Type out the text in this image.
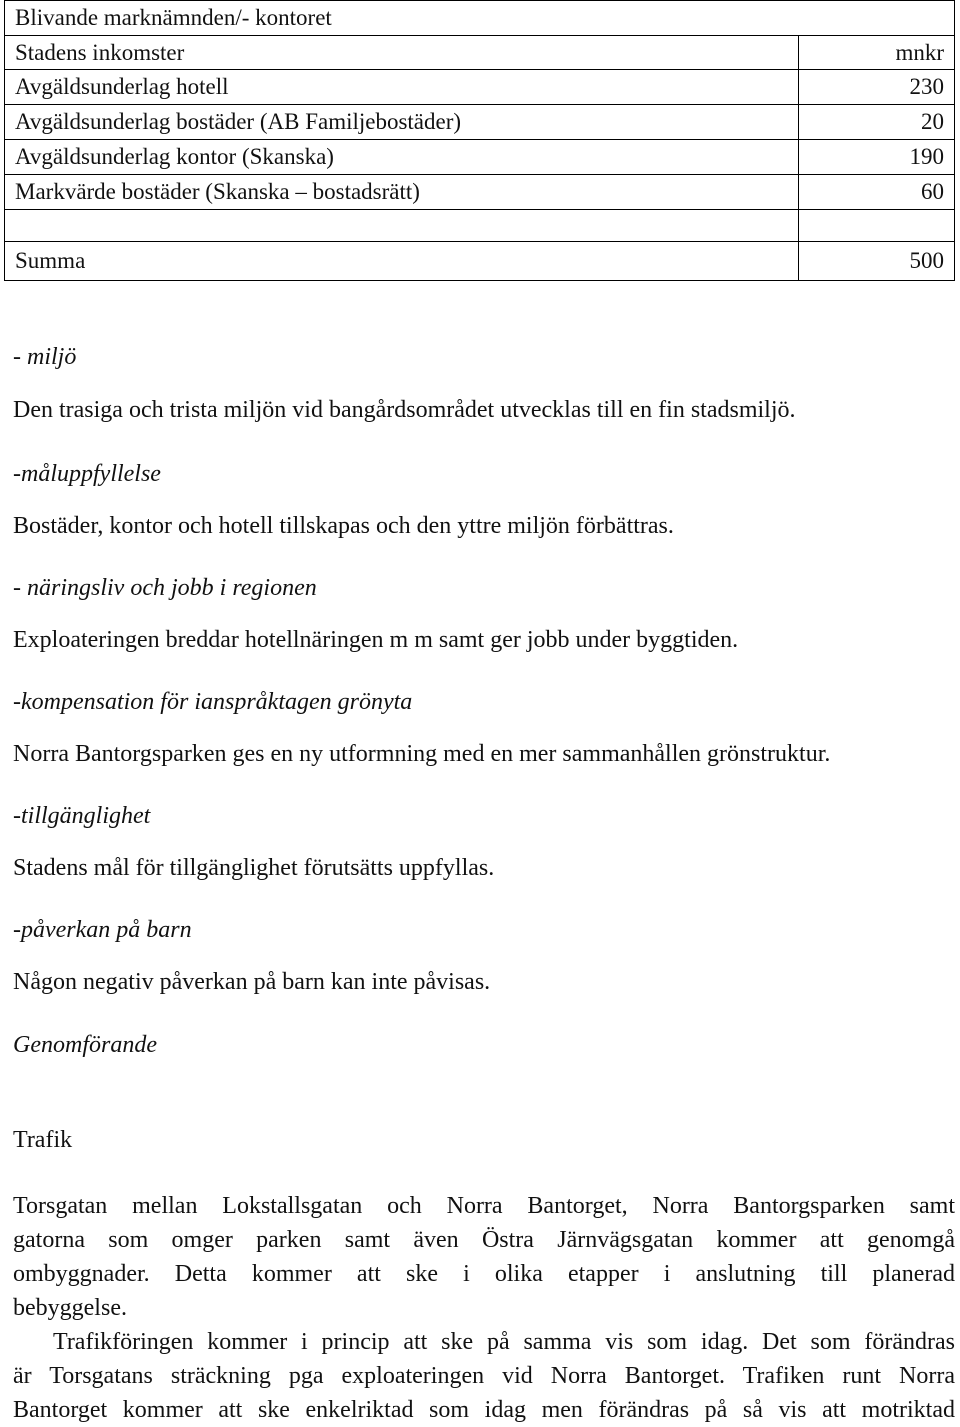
Blivande marknämnden/- kontoret	
Stadens inkomster	mnkr
Avgäldsunderlag hotell	230
Avgäldsunderlag bostäder (AB Familjebostäder)	20
Avgäldsunderlag kontor (Skanska)	190
Markvärde bostäder (Skanska – bostadsrätt)	60

Summa	500
- miljö
Den trasiga och trista miljön vid bangårdsområdet utvecklas till en fin stadsmiljö.
-måluppfyllelse
Bostäder, kontor och hotell tillskapas och den yttre miljön förbättras.
- näringsliv och jobb i regionen
Exploateringen breddar hotellnäringen m m samt ger jobb under byggtiden.
-kompensation för ianspråktagen grönyta
Norra Bantorgsparken ges en ny utformning med en mer sammanhållen grönstruktur.
-tillgänglighet
Stadens mål för tillgänglighet förutsätts uppfyllas.
-påverkan på barn
Någon negativ påverkan på barn kan inte påvisas.
Genomförande
Trafik
Torsgatan mellan Lokstallsgatan och Norra Bantorget, Norra Bantorgsparken samt
gatorna som omger parken samt även Östra Järnvägsgatan kommer att genomgå
ombyggnader. Detta kommer att ske i olika etapper i anslutning till planerad
bebyggelse.
Trafikföringen kommer i princip att ske på samma vis som idag. Det som förändras
är Torsgatans sträckning pga exploateringen vid Norra Bantorget. Trafiken runt Norra
Bantorget kommer att ske enkelriktad som idag men förändras på så vis att motriktad
